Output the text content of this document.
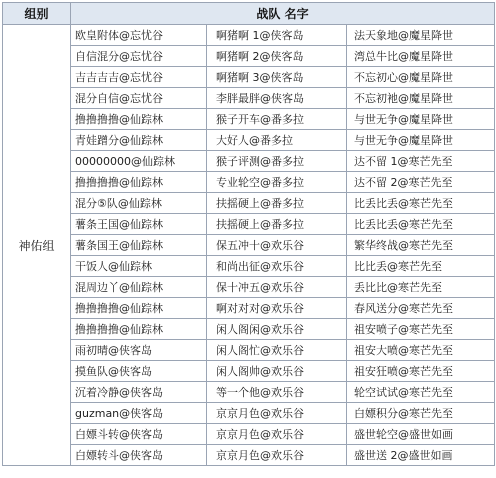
组别	战队 名字		
神佑组	欧皇附体@忘忧谷	啊猪啊 1@侠客岛	法天象地@魔星降世
	自信混分@忘忧谷	啊猪啊 2@侠客岛	湾总牛比@魔星降世
	吉吉吉吉@忘忧谷	啊猪啊 3@侠客岛	不忘初心@魔星降世
	混分自信@忘忧谷	李胖最胖@侠客岛	不忘初衪@魔星降世
	撸撸撸撸@仙踪林	猴子开车@番多拉	与世无争@魔星降世
	青娃蹭分@仙踪林	大好人@番多拉	与世无争@魔星降世
	00000000@仙踪林	猴子评测@番多拉	达不留 1@寒芒先至
	撸撸撸撸@仙踪林	专业轮空@番多拉	达不留 2@寒芒先至
	混分⑤队@仙踪林	扶摇硬上@番多拉	比丢比丢@寒芒先至
	薯条王国@仙踪林	扶摇硬上@番多拉	比丢比丢@寒芒先至
	薯条国王@仙踪林	保五冲十@欢乐谷	繁华终战@寒芒先至
	干饭人@仙踪林	和尚出征@欢乐谷	比比丢@寒芒先至
	混周边丫@仙踪林	保十冲五@欢乐谷	丢比比@寒芒先至
	撸撸撸撸@仙踪林	啊对对对@欢乐谷	春风送分@寒芒先至
	撸撸撸撸@仙踪林	闲人阁闲@欢乐谷	祖安喷子@寒芒先至
	雨初晴@侠客岛	闲人阁忙@欢乐谷	祖安大喷@寒芒先至
	摸鱼队@侠客岛	闲人阁帅@欢乐谷	祖安狂喷@寒芒先至
	沉着冷静@侠客岛	等一个他@欢乐谷	轮空试试@寒芒先至
	guzman@侠客岛	京京月色@欢乐谷	白嫖积分@寒芒先至
	白嫖斗转@侠客岛	京京月色@欢乐谷	盛世轮空@盛世如画
	白嫖转斗@侠客岛	京京月色@欢乐谷	盛世送 2@盛世如画
